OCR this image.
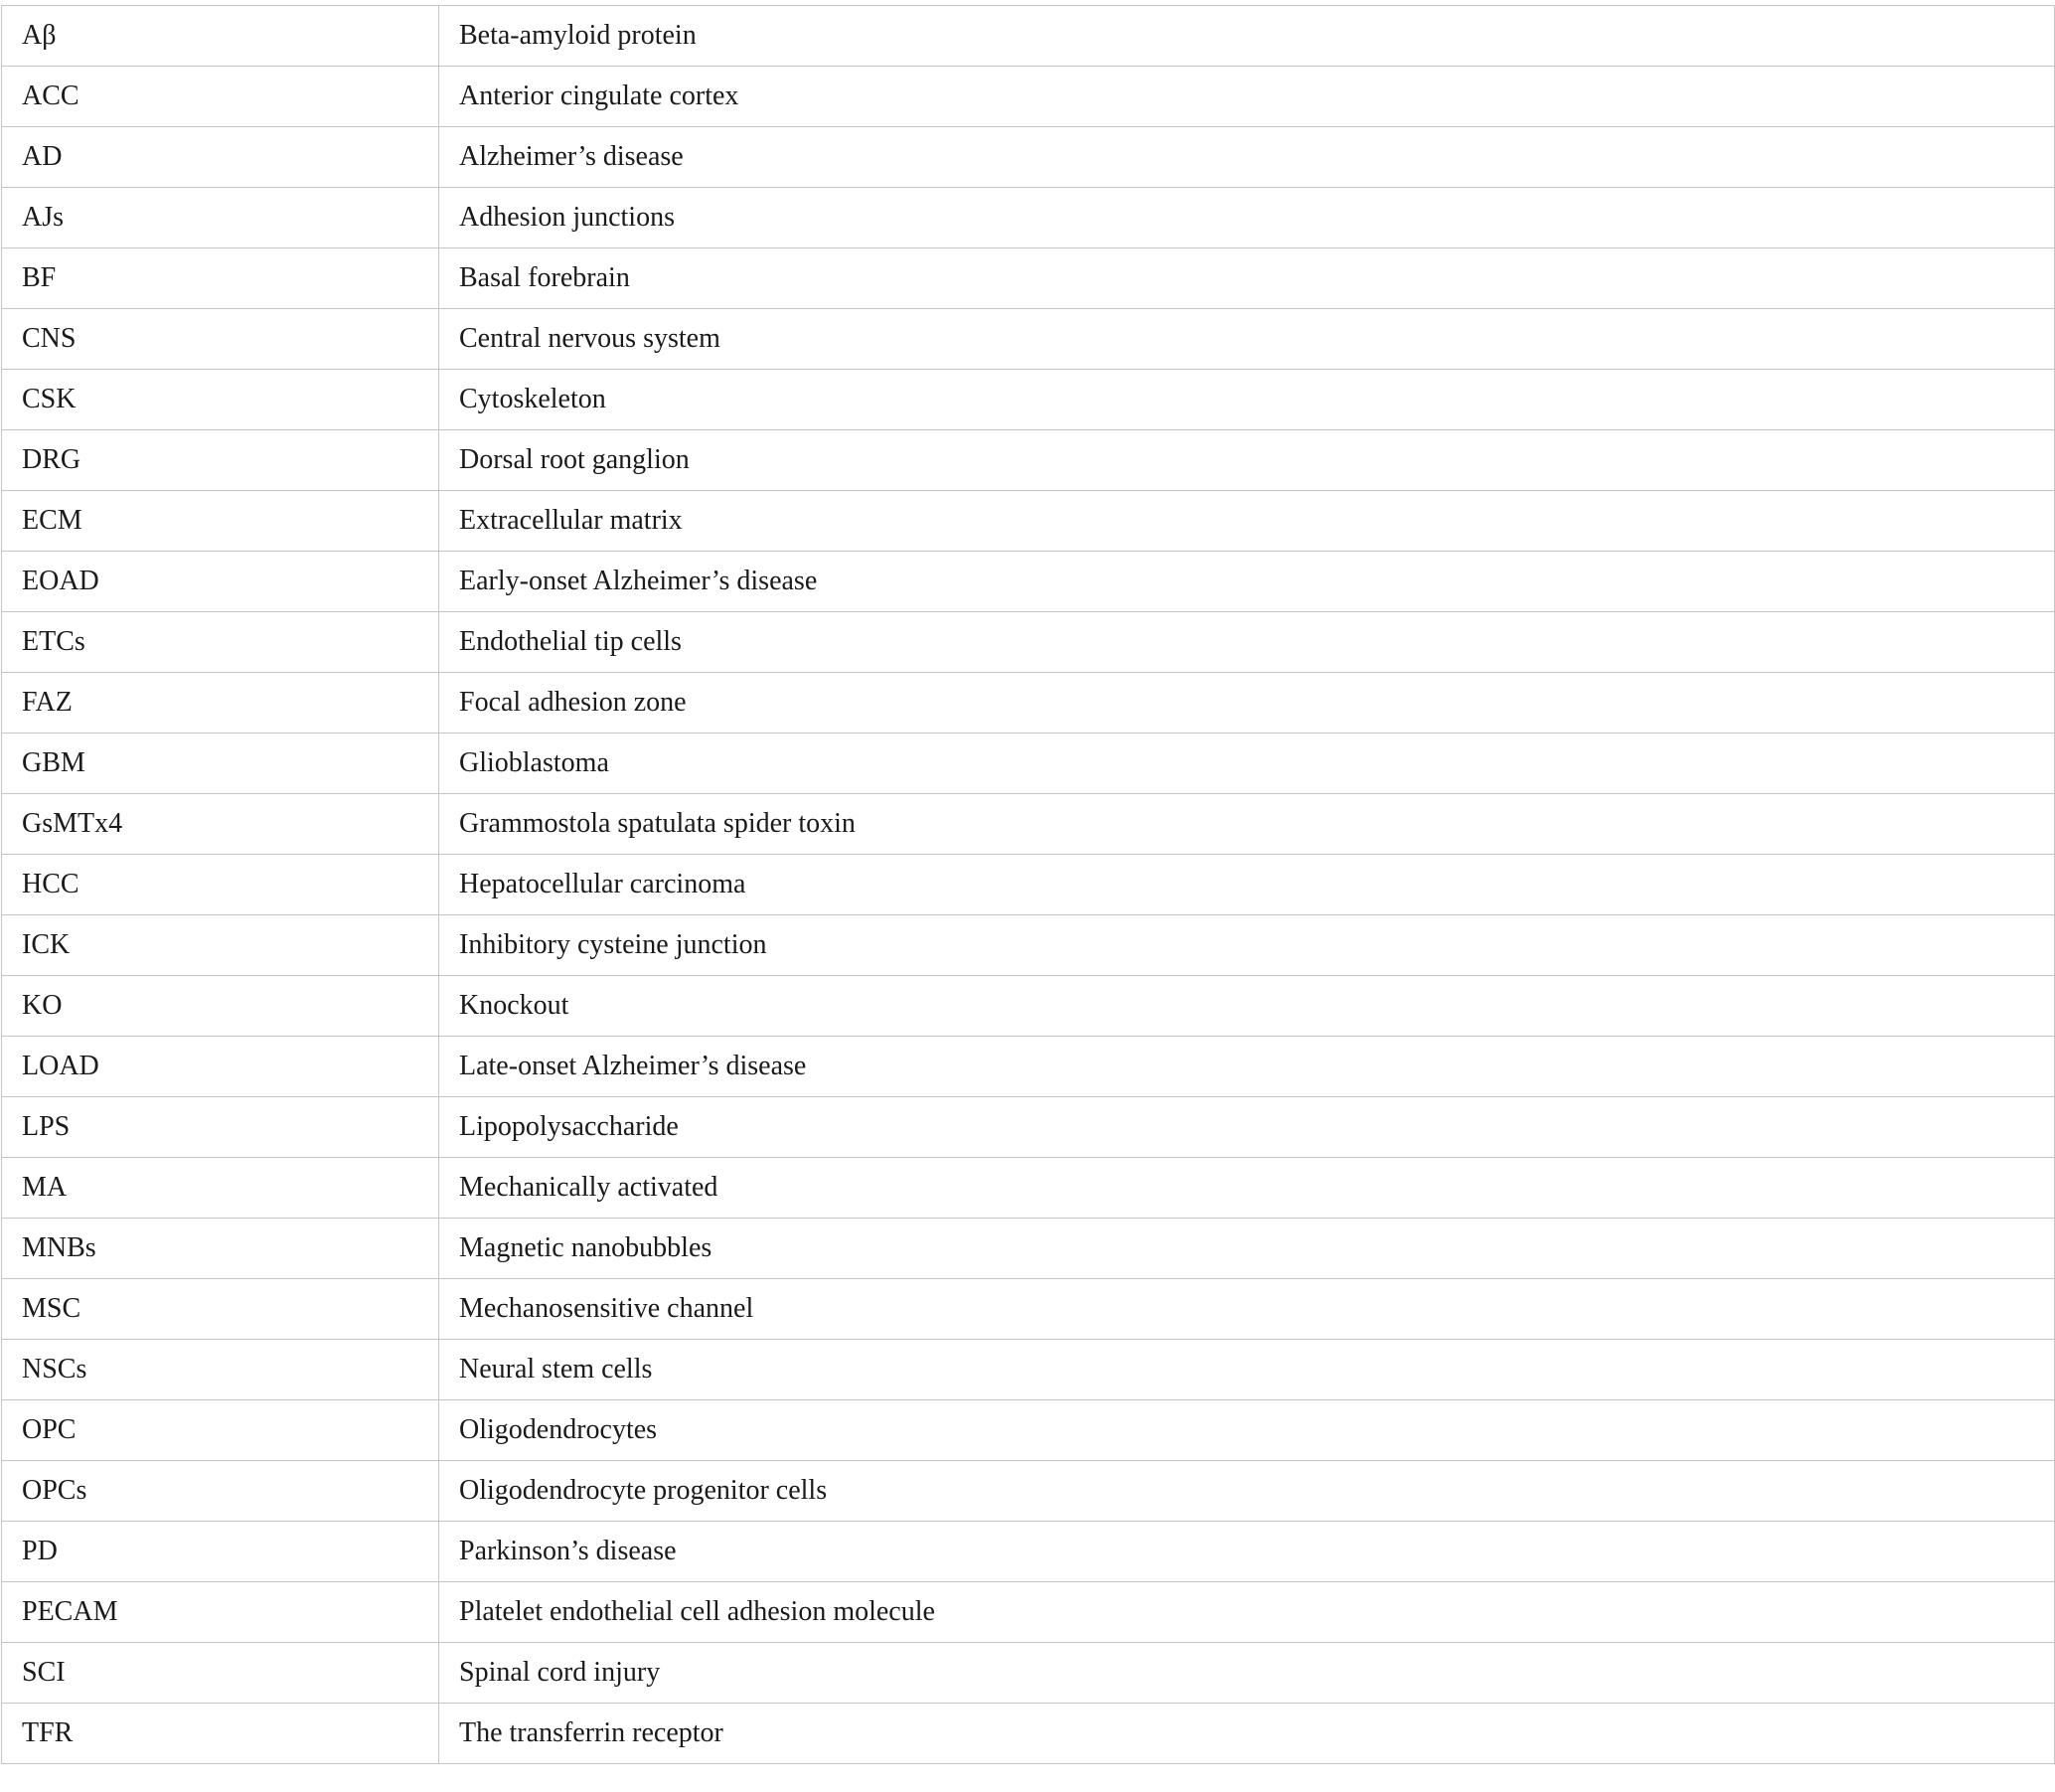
Aβ	Beta-amyloid protein
ACC	Anterior cingulate cortex
AD	Alzheimer’s disease
AJs	Adhesion junctions
BF	Basal forebrain
CNS	Central nervous system
CSK	Cytoskeleton
DRG	Dorsal root ganglion
ECM	Extracellular matrix
EOAD	Early-onset Alzheimer’s disease
ETCs	Endothelial tip cells
FAZ	Focal adhesion zone
GBM	Glioblastoma
GsMTx4	Grammostola spatulata spider toxin
HCC	Hepatocellular carcinoma
ICK	Inhibitory cysteine junction
KO	Knockout
LOAD	Late-onset Alzheimer’s disease
LPS	Lipopolysaccharide
MA	Mechanically activated
MNBs	Magnetic nanobubbles
MSC	Mechanosensitive channel
NSCs	Neural stem cells
OPC	Oligodendrocytes
OPCs	Oligodendrocyte progenitor cells
PD	Parkinson’s disease
PECAM	Platelet endothelial cell adhesion molecule
SCI	Spinal cord injury
TFR	The transferrin receptor
